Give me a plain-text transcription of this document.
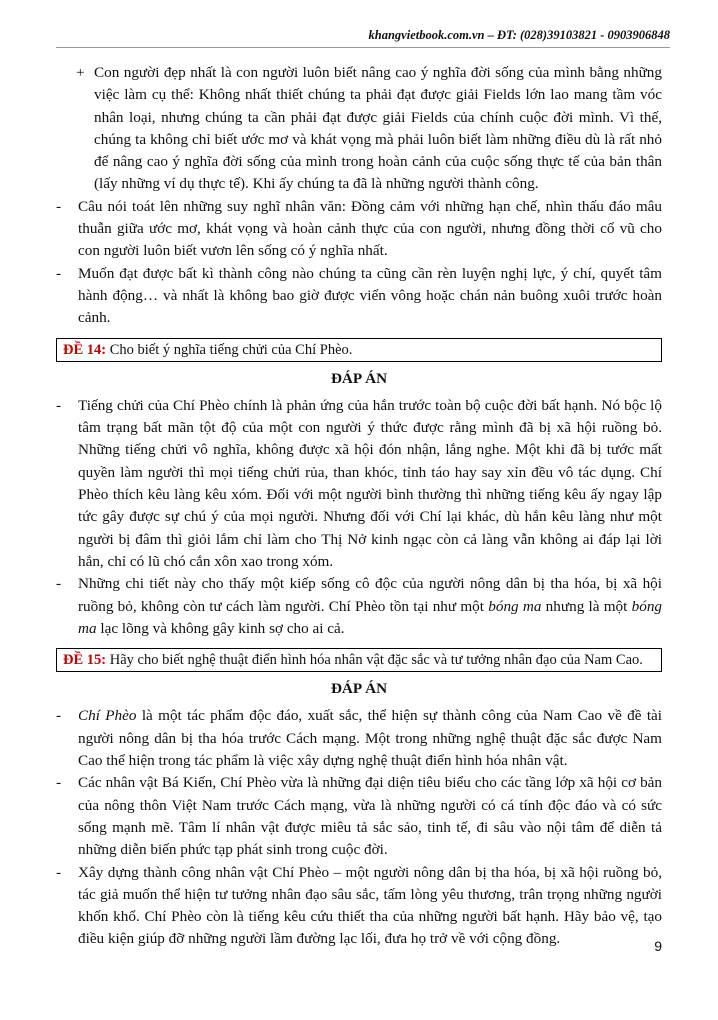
khangvietbook.com.vn – ĐT: (028)39103821 - 0903906848
+ Con người đẹp nhất là con người luôn biết nâng cao ý nghĩa đời sống của mình bằng những việc làm cụ thể: Không nhất thiết chúng ta phải đạt được giải Fields lớn lao mang tầm vóc nhân loại, nhưng chúng ta cần phải đạt được giải Fields của chính cuộc đời mình. Vì thế, chúng ta không chỉ biết ước mơ và khát vọng mà phải luôn biết làm những điều dù là rất nhỏ để nâng cao ý nghĩa đời sống của mình trong hoàn cảnh của cuộc sống thực tế của bản thân (lấy những ví dụ thực tế). Khi ấy chúng ta đã là những người thành công.
- Câu nói toát lên những suy nghĩ nhân văn: Đồng cảm với những hạn chế, nhìn thấu đáo mâu thuẫn giữa ước mơ, khát vọng và hoàn cảnh thực của con người, nhưng đồng thời cổ vũ cho con người luôn biết vươn lên sống có ý nghĩa nhất.
- Muốn đạt được bất kì thành công nào chúng ta cũng cần rèn luyện nghị lực, ý chí, quyết tâm hành động… và nhất là không bao giờ được viển vông hoặc chán nản buông xuôi trước hoàn cảnh.
ĐỀ 14: Cho biết ý nghĩa tiếng chửi của Chí Phèo.
ĐÁP ÁN
- Tiếng chửi của Chí Phèo chính là phản ứng của hắn trước toàn bộ cuộc đời bất hạnh. Nó bộc lộ tâm trạng bất mãn tột độ của một con người ý thức được rằng mình đã bị xã hội ruồng bỏ. Những tiếng chửi vô nghĩa, không được xã hội đón nhận, lắng nghe. Một khi đã bị tước mất quyền làm người thì mọi tiếng chửi rủa, than khóc, tỉnh táo hay say xỉn đều vô tác dụng. Chí Phèo thích kêu làng kêu xóm. Đối với một người bình thường thì những tiếng kêu ấy ngay lập tức gây được sự chú ý của mọi người. Nhưng đối với Chí lại khác, dù hắn kêu làng như một người bị đâm thì giỏi lắm chỉ làm cho Thị Nở kinh ngạc còn cả làng vẫn không ai đáp lại lời hắn, chỉ có lũ chó cắn xôn xao trong xóm.
- Những chi tiết này cho thấy một kiếp sống cô độc của người nông dân bị tha hóa, bị xã hội ruồng bỏ, không còn tư cách làm người. Chí Phèo tồn tại như một bóng ma nhưng là một bóng ma lạc lõng và không gây kinh sợ cho ai cả.
ĐỀ 15: Hãy cho biết nghệ thuật điển hình hóa nhân vật đặc sắc và tư tưởng nhân đạo của Nam Cao.
ĐÁP ÁN
- Chí Phèo là một tác phẩm độc đáo, xuất sắc, thể hiện sự thành công của Nam Cao về đề tài người nông dân bị tha hóa trước Cách mạng. Một trong những nghệ thuật đặc sắc được Nam Cao thể hiện trong tác phẩm là việc xây dựng nghệ thuật điển hình hóa nhân vật.
- Các nhân vật Bá Kiến, Chí Phèo vừa là những đại diện tiêu biểu cho các tầng lớp xã hội cơ bản của nông thôn Việt Nam trước Cách mạng, vừa là những người có cá tính độc đáo và có sức sống mạnh mẽ. Tâm lí nhân vật được miêu tả sắc sảo, tinh tế, đi sâu vào nội tâm để diễn tả những diễn biến phức tạp phát sinh trong cuộc đời.
- Xây dựng thành công nhân vật Chí Phèo – một người nông dân bị tha hóa, bị xã hội ruồng bỏ, tác giả muốn thể hiện tư tưởng nhân đạo sâu sắc, tấm lòng yêu thương, trân trọng những người khốn khổ. Chí Phèo còn là tiếng kêu cứu thiết tha của những người bất hạnh. Hãy bảo vệ, tạo điều kiện giúp đỡ những người lầm đường lạc lối, đưa họ trở về với cộng đồng.	9
